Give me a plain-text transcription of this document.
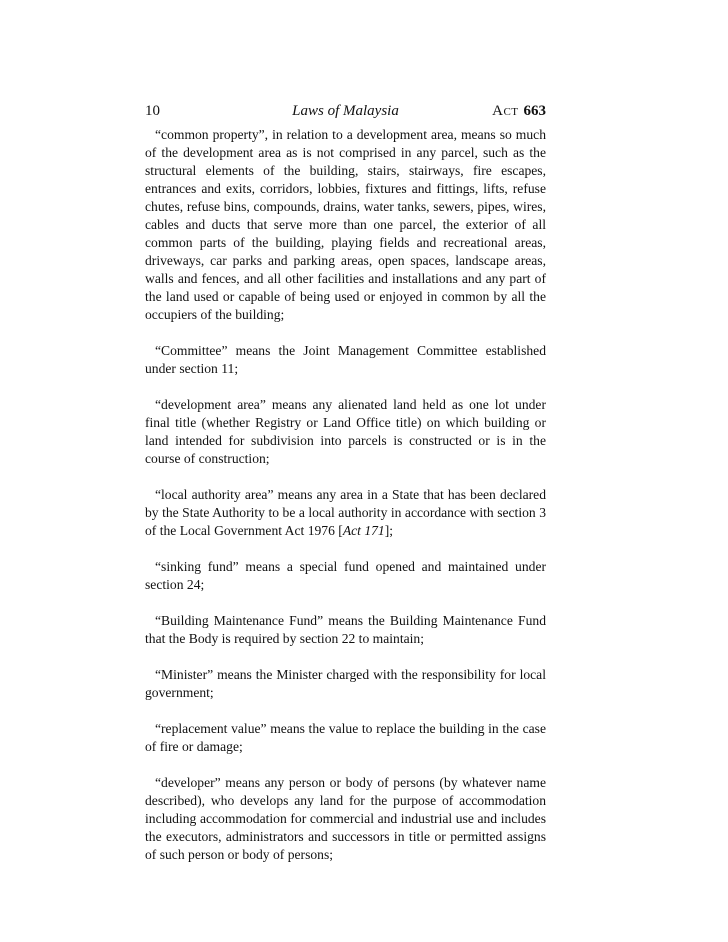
10	Laws of Malaysia	Act 663

“common property”, in relation to a development area, means so much of the development area as is not comprised in any parcel, such as the structural elements of the building, stairs, stairways, fire escapes, entrances and exits, corridors, lobbies, fixtures and fittings, lifts, refuse chutes, refuse bins, compounds, drains, water tanks, sewers, pipes, wires, cables and ducts that serve more than one parcel, the exterior of all common parts of the building, playing fields and recreational areas, driveways, car parks and parking areas, open spaces, landscape areas, walls and fences, and all other facilities and installations and any part of the land used or capable of being used or enjoyed in common by all the occupiers of the building;

“Committee” means the Joint Management Committee established under section 11;

“development area” means any alienated land held as one lot under final title (whether Registry or Land Office title) on which building or land intended for subdivision into parcels is constructed or is in the course of construction;

“local authority area” means any area in a State that has been declared by the State Authority to be a local authority in accordance with section 3 of the Local Government Act 1976 [Act 171];

“sinking fund” means a special fund opened and maintained under section 24;

“Building Maintenance Fund” means the Building Maintenance Fund that the Body is required by section 22 to maintain;

“Minister” means the Minister charged with the responsibility for local government;

“replacement value” means the value to replace the building in the case of fire or damage;

“developer” means any person or body of persons (by whatever name described), who develops any land for the purpose of accommodation including accommodation for commercial and industrial use and includes the executors, administrators and successors in title or permitted assigns of such person or body of persons;
